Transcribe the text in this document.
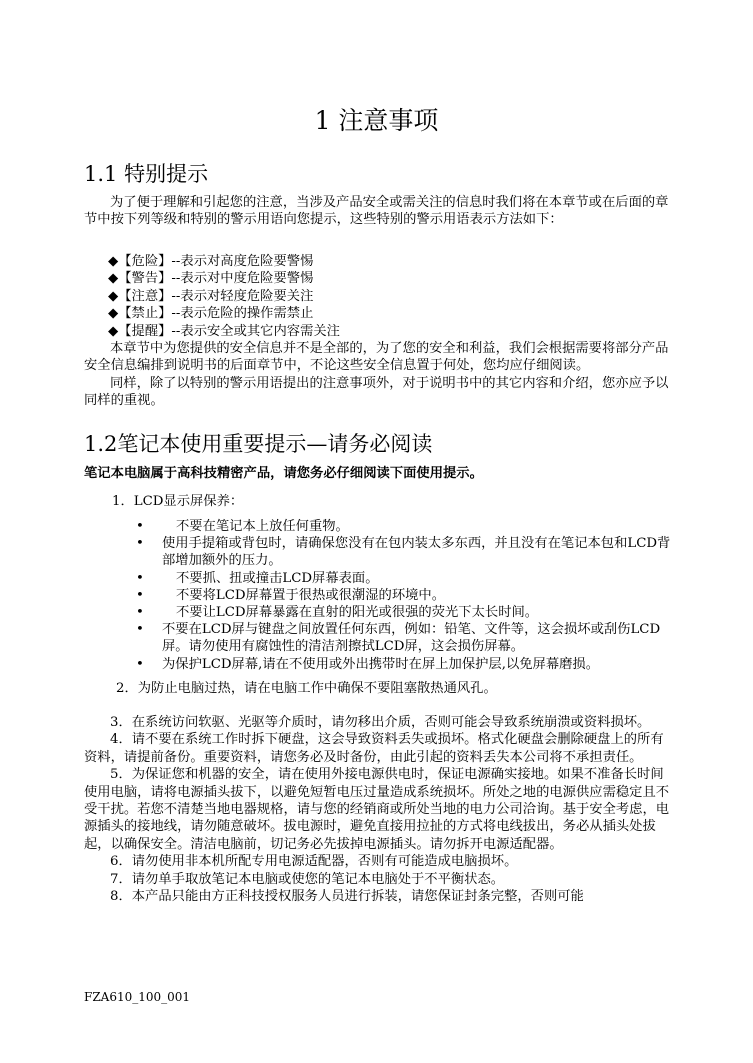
1 注意事项
1.1 特别提示

为了便于理解和引起您的注意，当涉及产品安全或需关注的信息时我们将在本章节或在后面的章节中按下列等级和特别的警示用语向您提示，这些特别的警示用语表示方法如下：

◆【危险】--表示对高度危险要警惕
◆【警告】--表示对中度危险要警惕
◆【注意】--表示对轻度危险要关注
◆【禁止】--表示危险的操作需禁止
◆【提醒】--表示安全或其它内容需关注

本章节中为您提供的安全信息并不是全部的，为了您的安全和利益，我们会根据需要将部分产品安全信息编排到说明书的后面章节中，不论这些安全信息置于何处，您均应仔细阅读。

同样，除了以特别的警示用语提出的注意事项外，对于说明书中的其它内容和介绍，您亦应予以同样的重视。

1.2笔记本使用重要提示—请务必阅读
笔记本电脑属于高科技精密产品，请您务必仔细阅读下面使用提示。
1．LCD显示屏保养：
• 不要在笔记本上放任何重物。
• 使用手提箱或背包时，请确保您没有在包内装太多东西，并且没有在笔记本包和LCD背部增加额外的压力。
• 不要抓、扭或撞击LCD屏幕表面。
• 不要将LCD屏幕置于很热或很潮湿的环境中。
• 不要让LCD屏幕暴露在直射的阳光或很强的荧光下太长时间。
• 不要在LCD屏与键盘之间放置任何东西，例如：铅笔、文件等，这会损坏或刮伤LCD屏。请勿使用有腐蚀性的清洁剂擦拭LCD屏，这会损伤屏幕。
• 为保护LCD屏幕,请在不使用或外出携带时在屏上加保护层,以免屏幕磨损。
2．为防止电脑过热，请在电脑工作中确保不要阻塞散热通风孔。

3．在系统访问软驱、光驱等介质时，请勿移出介质，否则可能会导致系统崩溃或资料损坏。

4．请不要在系统工作时拆下硬盘，这会导致资料丢失或损坏。格式化硬盘会删除硬盘上的所有资料，请提前备份。重要资料，请您务必及时备份，由此引起的资料丢失本公司将不承担责任。

5．为保证您和机器的安全，请在使用外接电源供电时，保证电源确实接地。如果不准备长时间使用电脑，请将电源插头拔下，以避免短暂电压过量造成系统损坏。所处之地的电源供应需稳定且不受干扰。若您不清楚当地电器规格，请与您的经销商或所处当地的电力公司洽询。基于安全考虑，电源插头的接地线，请勿随意破坏。拔电源时，避免直接用拉扯的方式将电线拔出，务必从插头处拔起，以确保安全。清洁电脑前，切记务必先拔掉电源插头。请勿拆开电源适配器。

6．请勿使用非本机所配专用电源适配器，否则有可能造成电脑损坏。

7．请勿单手取放笔记本电脑或使您的笔记本电脑处于不平衡状态。

8．本产品只能由方正科技授权服务人员进行拆装，请您保证封条完整，否则可能

FZA610_100_001
